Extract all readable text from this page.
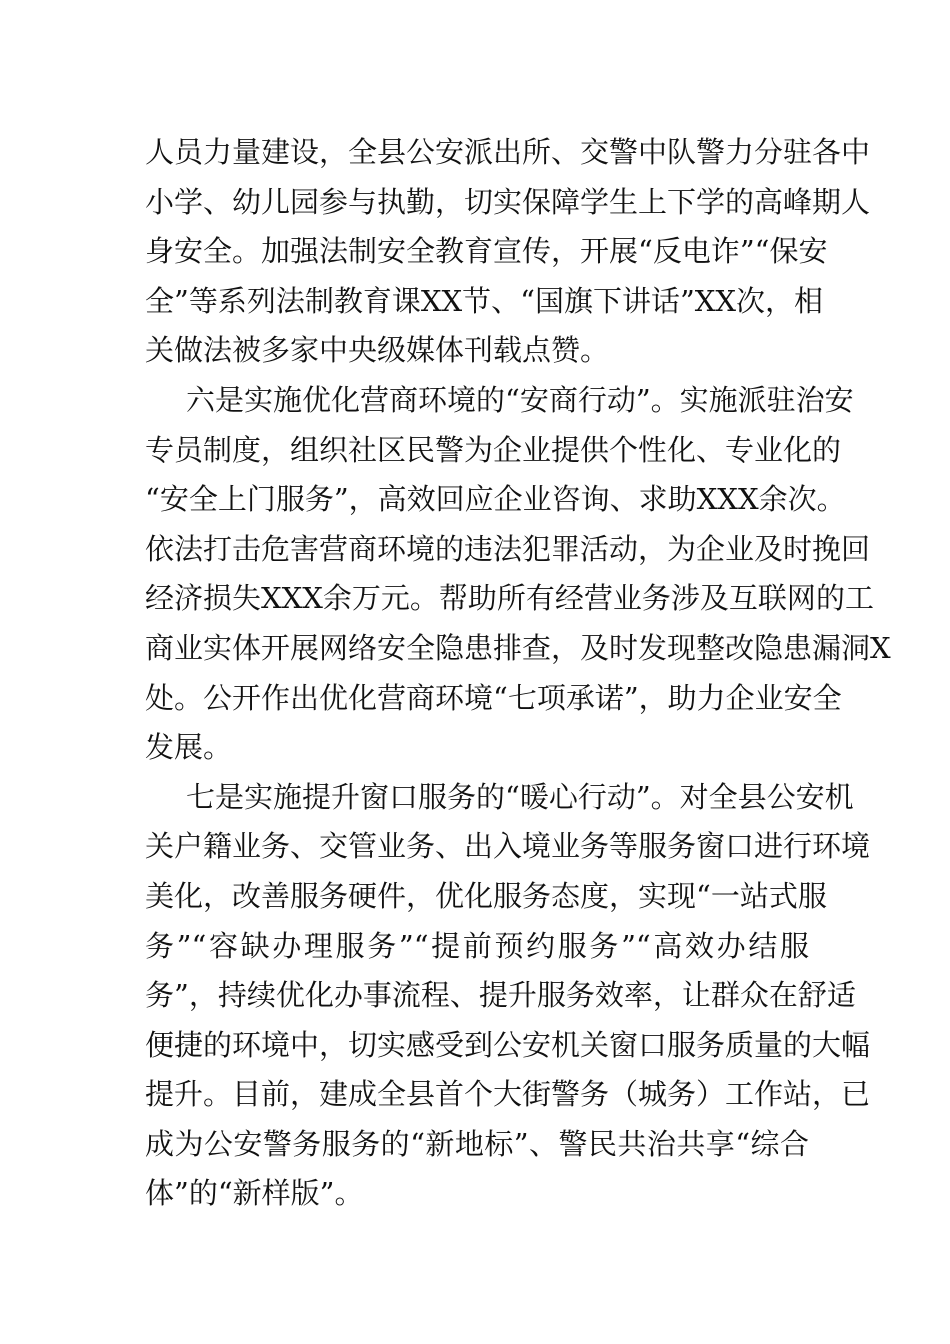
人员力量建设，全县公安派出所、交警中队警力分驻各中
小学、幼儿园参与执勤，切实保障学生上下学的高峰期人
身安全。加强法制安全教育宣传，开展“反电诈”“保安
全”等系列法制教育课XX节、“国旗下讲话”XX次，相
关做法被多家中央级媒体刊载点赞。
六是实施优化营商环境的“安商行动”。实施派驻治安
专员制度，组织社区民警为企业提供个性化、专业化的
“安全上门服务”，高效回应企业咨询、求助XXX余次。
依法打击危害营商环境的违法犯罪活动，为企业及时挽回
经济损失XXX余万元。帮助所有经营业务涉及互联网的工
商业实体开展网络安全隐患排查，及时发现整改隐患漏洞X
处。公开作出优化营商环境“七项承诺”，助力企业安全
发展。
七是实施提升窗口服务的“暖心行动”。对全县公安机
关户籍业务、交管业务、出入境业务等服务窗口进行环境
美化，改善服务硬件，优化服务态度，实现“一站式服
务”“容缺办理服务”“提前预约服务”“高效办结服
务”，持续优化办事流程、提升服务效率，让群众在舒适
便捷的环境中，切实感受到公安机关窗口服务质量的大幅
提升。目前，建成全县首个大街警务（城务）工作站，已
成为公安警务服务的“新地标”、警民共治共享“综合
体”的“新样版”。
